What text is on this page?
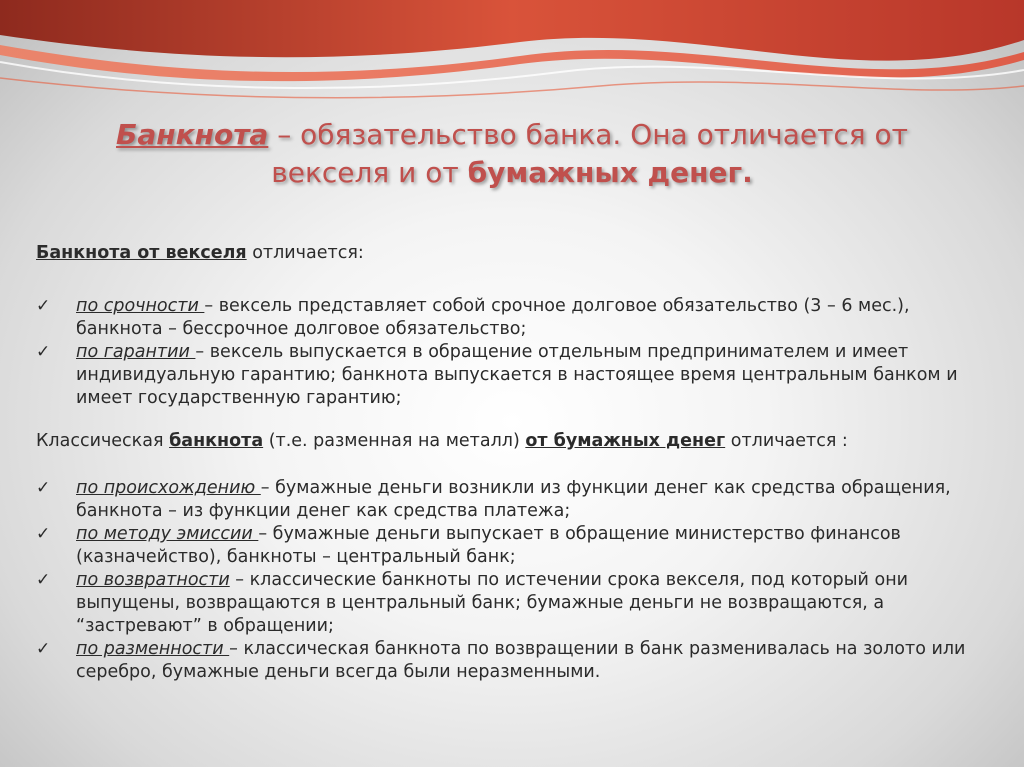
Банкнота – обязательство банка. Она отличается от
векселя и от бумажных денег.

Банкнота от векселя отличается:

✓ по срочности – вексель представляет собой срочное долговое обязательство (3 – 6 мес.), банкнота – бессрочное долговое обязательство;
✓ по гарантии – вексель выпускается в обращение отдельным предпринимателем и имеет индивидуальную гарантию; банкнота выпускается в настоящее время центральным банком и имеет государственную гарантию;

Классическая банкнота (т.е. разменная на металл) от бумажных денег отличается :

✓ по происхождению – бумажные деньги возникли из функции денег как средства обращения, банкнота – из функции денег как средства платежа;
✓ по методу эмиссии – бумажные деньги выпускает в обращение министерство финансов (казначейство), банкноты – центральный банк;
✓ по возвратности – классические банкноты по истечении срока векселя, под который они выпущены, возвращаются в центральный банк; бумажные деньги не возвращаются, а “застревают” в обращении;
✓ по разменности – классическая банкнота по возвращении в банк разменивалась на золото или серебро, бумажные деньги всегда были неразменными.
